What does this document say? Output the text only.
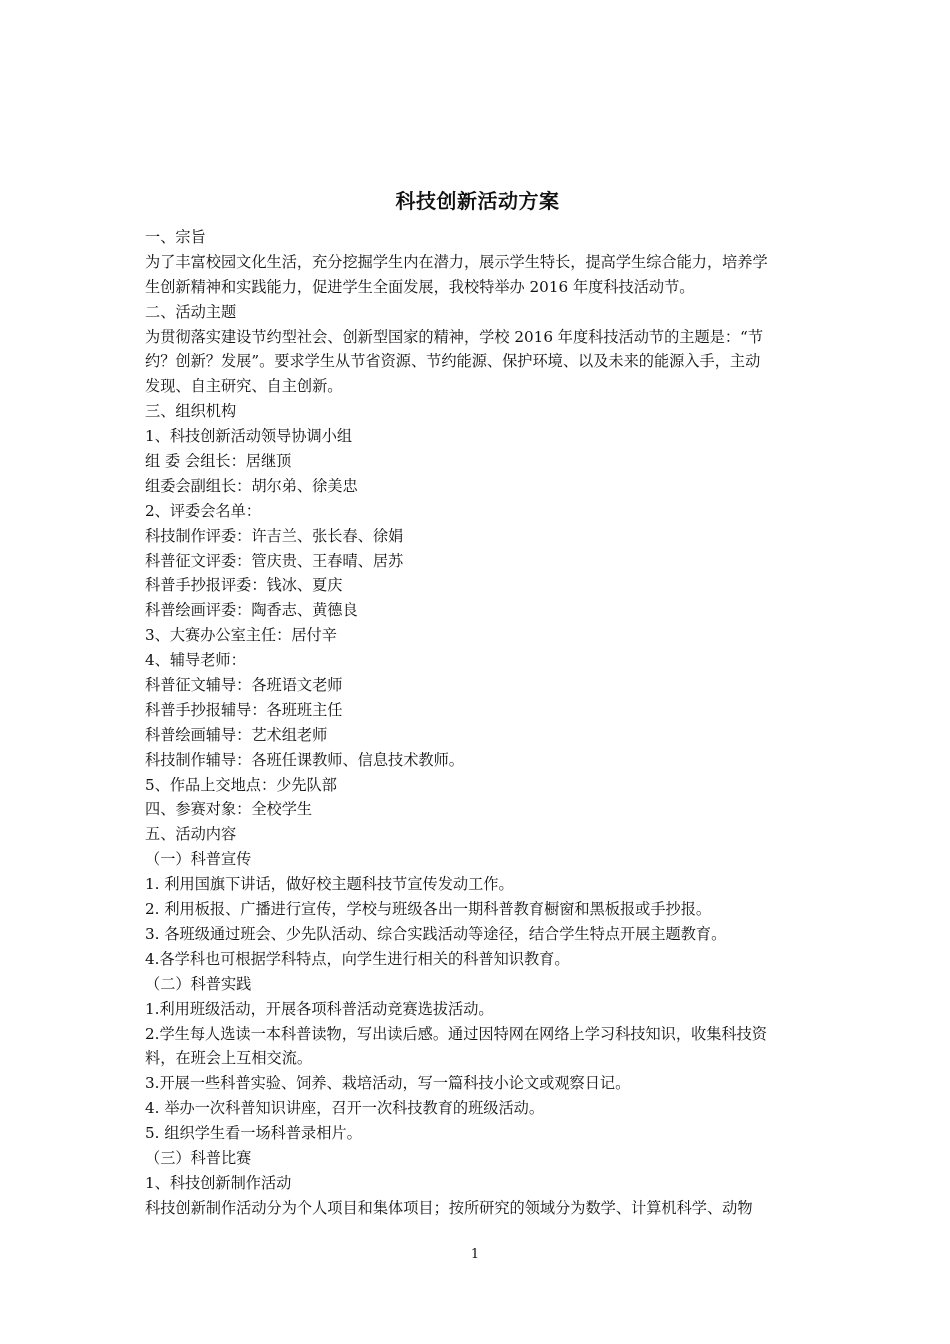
科技创新活动方案
一、宗旨
为了丰富校园文化生活，充分挖掘学生内在潜力，展示学生特长，提高学生综合能力，培养学
生创新精神和实践能力，促进学生全面发展，我校特举办 2016 年度科技活动节。
二、活动主题
为贯彻落实建设节约型社会、创新型国家的精神，学校 2016 年度科技活动节的主题是：“节
约？创新？发展”。要求学生从节省资源、节约能源、保护环境、以及未来的能源入手，主动
发现、自主研究、自主创新。
三、组织机构
1、科技创新活动领导协调小组
组 委 会组长：居继顶
组委会副组长：胡尔弟、徐美忠
2、评委会名单：
科技制作评委：许吉兰、张长春、徐娟
科普征文评委：管庆贵、王春晴、居苏
科普手抄报评委：钱冰、夏庆
科普绘画评委：陶香志、黄德良
3、大赛办公室主任：居付辛
4、辅导老师：
科普征文辅导：各班语文老师
科普手抄报辅导：各班班主任
科普绘画辅导：艺术组老师
科技制作辅导：各班任课教师、信息技术教师。
5、作品上交地点：少先队部
四、参赛对象：全校学生
五、活动内容
（一）科普宣传
1. 利用国旗下讲话，做好校主题科技节宣传发动工作。
2. 利用板报、广播进行宣传，学校与班级各出一期科普教育橱窗和黑板报或手抄报。
3. 各班级通过班会、少先队活动、综合实践活动等途径，结合学生特点开展主题教育。
4.各学科也可根据学科特点，向学生进行相关的科普知识教育。
（二）科普实践
1.利用班级活动，开展各项科普活动竞赛选拔活动。
2.学生每人选读一本科普读物，写出读后感。通过因特网在网络上学习科技知识，收集科技资
料，在班会上互相交流。
3.开展一些科普实验、饲养、栽培活动，写一篇科技小论文或观察日记。
4. 举办一次科普知识讲座，召开一次科技教育的班级活动。
5. 组织学生看一场科普录相片。
（三）科普比赛
1、科技创新制作活动
科技创新制作活动分为个人项目和集体项目；按所研究的领域分为数学、计算机科学、动物
1
